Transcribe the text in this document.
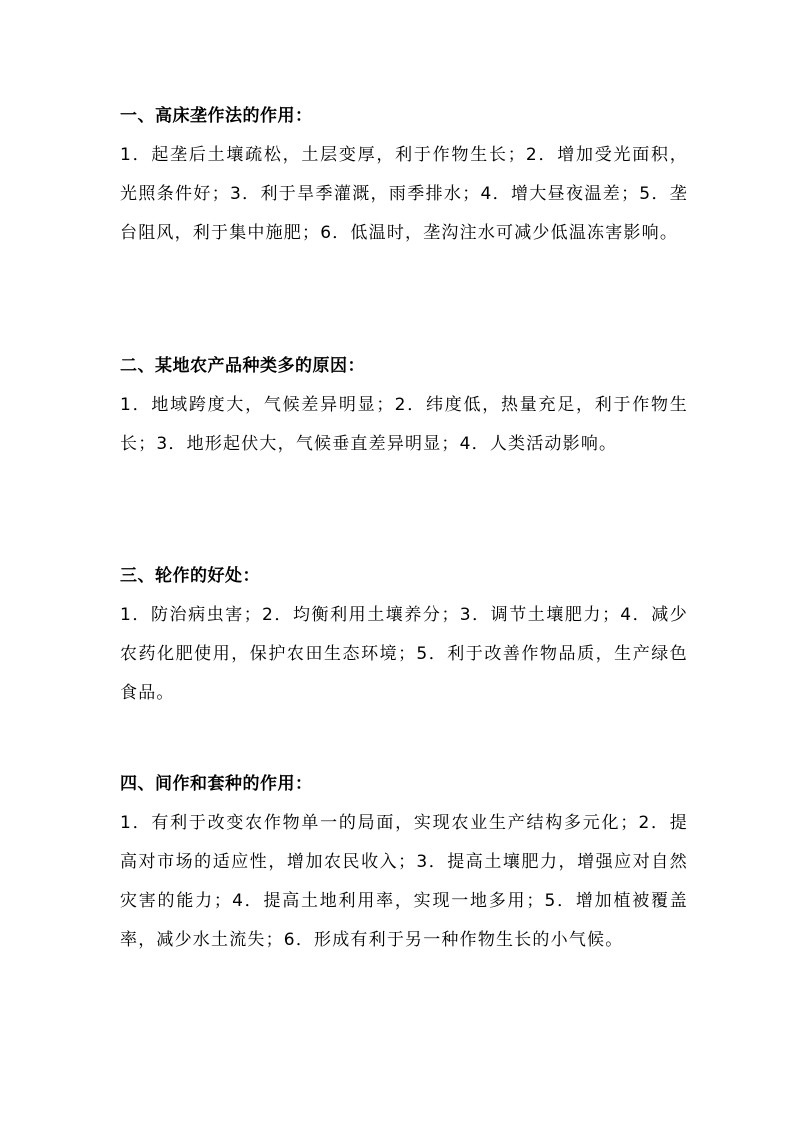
一、高床垄作法的作用：
1．起垄后土壤疏松，土层变厚，利于作物生长；2．增加受光面积，光照条件好；3．利于旱季灌溉，雨季排水；4．增大昼夜温差；5．垄台阻风，利于集中施肥；6．低温时，垄沟注水可减少低温冻害影响。
二、某地农产品种类多的原因：
1．地域跨度大，气候差异明显；2．纬度低，热量充足，利于作物生长；3．地形起伏大，气候垂直差异明显；4．人类活动影响。
三、轮作的好处：
1．防治病虫害；2．均衡利用土壤养分；3．调节土壤肥力；4．减少农药化肥使用，保护农田生态环境；5．利于改善作物品质，生产绿色食品。
四、间作和套种的作用：
1．有利于改变农作物单一的局面，实现农业生产结构多元化；2．提高对市场的适应性，增加农民收入；3．提高土壤肥力，增强应对自然灾害的能力；4．提高土地利用率，实现一地多用；5．增加植被覆盖率，减少水土流失；6．形成有利于另一种作物生长的小气候。
